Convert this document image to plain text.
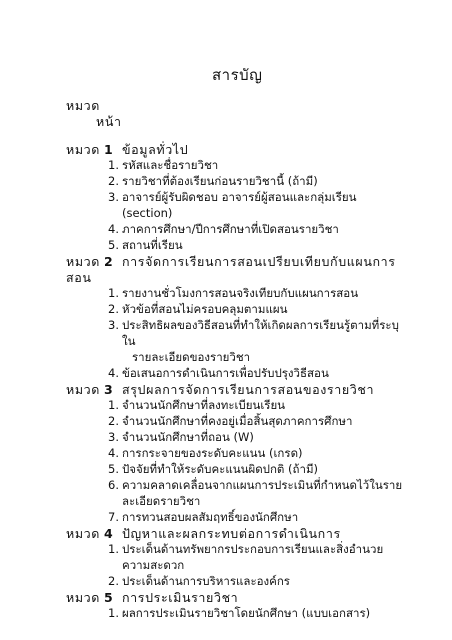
สารบัญ
หมวด
หน้า
หมวด 1 ข้อมูลทั่วไป
1. รหัสและชื่อรายวิชา
2. รายวิชาที่ต้องเรียนก่อนรายวิชานี้ (ถ้ามี)
3. อาจารย์ผู้รับผิดชอบ อาจารย์ผู้สอนและกลุ่มเรียน
(section)
4. ภาคการศึกษา/ปีการศึกษาที่เปิดสอนรายวิชา
5. สถานที่เรียน
หมวด 2 การจัดการเรียนการสอนเปรียบเทียบกับแผนการ
สอน
1. รายงานชั่วโมงการสอนจริงเทียบกับแผนการสอน
2. หัวข้อที่สอนไม่ครอบคลุมตามแผน
3. ประสิทธิผลของวิธีสอนที่ทำให้เกิดผลการเรียนรู้ตามที่ระบุ
ใน
รายละเอียดของรายวิชา
4. ข้อเสนอการดำเนินการเพื่อปรับปรุงวิธีสอน
หมวด 3 สรุปผลการจัดการเรียนการสอนของรายวิชา
1. จำนวนนักศึกษาที่ลงทะเบียนเรียน
2. จำนวนนักศึกษาที่คงอยู่เมื่อสิ้นสุดภาคการศึกษา
3. จำนวนนักศึกษาที่ถอน (W)
4. การกระจายของระดับคะแนน (เกรด)
5. ปัจจัยที่ทำให้ระดับคะแนนผิดปกติ (ถ้ามี)
6. ความคลาดเคลื่อนจากแผนการประเมินที่กำหนดไว้ในราย
ละเอียดรายวิชา
7. การทวนสอบผลสัมฤทธิ์ของนักศึกษา
หมวด 4 ปัญหาและผลกระทบต่อการดำเนินการ
1. ประเด็นด้านทรัพยากรประกอบการเรียนและสิ่งอำนวย
ความสะดวก
2. ประเด็นด้านการบริหารและองค์กร
หมวด 5 การประเมินรายวิชา
1. ผลการประเมินรายวิชาโดยนักศึกษา (แบบเอกสาร)
